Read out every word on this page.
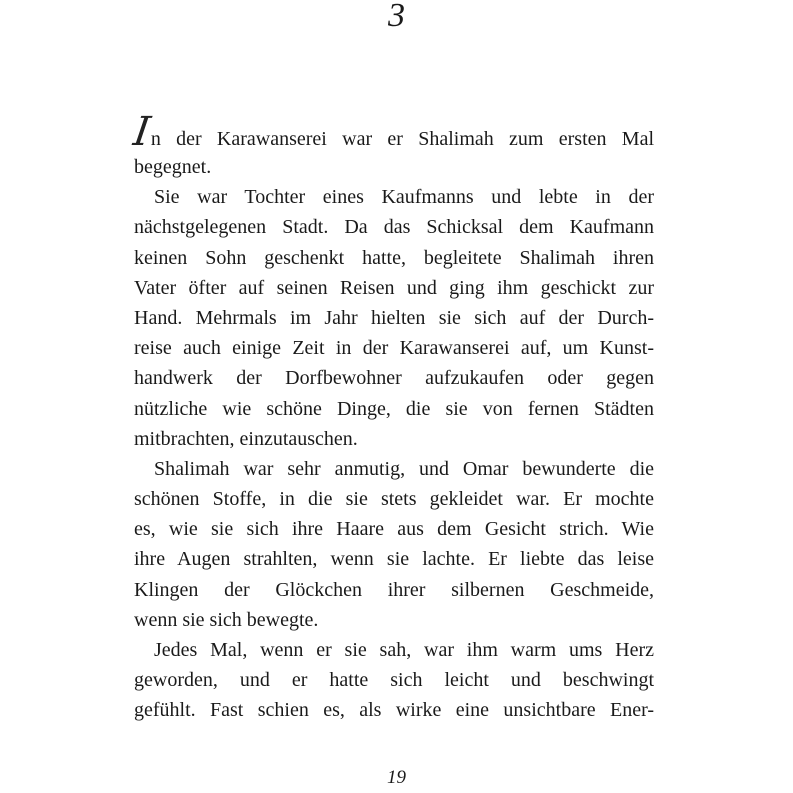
3
In der Karawanserei war er Shalimah zum ersten Mal
begegnet.
Sie war Tochter eines Kaufmanns und lebte in der
nächstgelegenen Stadt. Da das Schicksal dem Kaufmann
keinen Sohn geschenkt hatte, begleitete Shalimah ihren
Vater öfter auf seinen Reisen und ging ihm geschickt zur
Hand. Mehrmals im Jahr hielten sie sich auf der Durch-
reise auch einige Zeit in der Karawanserei auf, um Kunst-
handwerk der Dorfbewohner aufzukaufen oder gegen
nützliche wie schöne Dinge, die sie von fernen Städten
mitbrachten, einzutauschen.
Shalimah war sehr anmutig, und Omar bewunderte die
schönen Stoffe, in die sie stets gekleidet war. Er mochte
es, wie sie sich ihre Haare aus dem Gesicht strich. Wie
ihre Augen strahlten, wenn sie lachte. Er liebte das leise
Klingen der Glöckchen ihrer silbernen Geschmeide,
wenn sie sich bewegte.
Jedes Mal, wenn er sie sah, war ihm warm ums Herz
geworden, und er hatte sich leicht und beschwingt
gefühlt. Fast schien es, als wirke eine unsichtbare Ener-
19
